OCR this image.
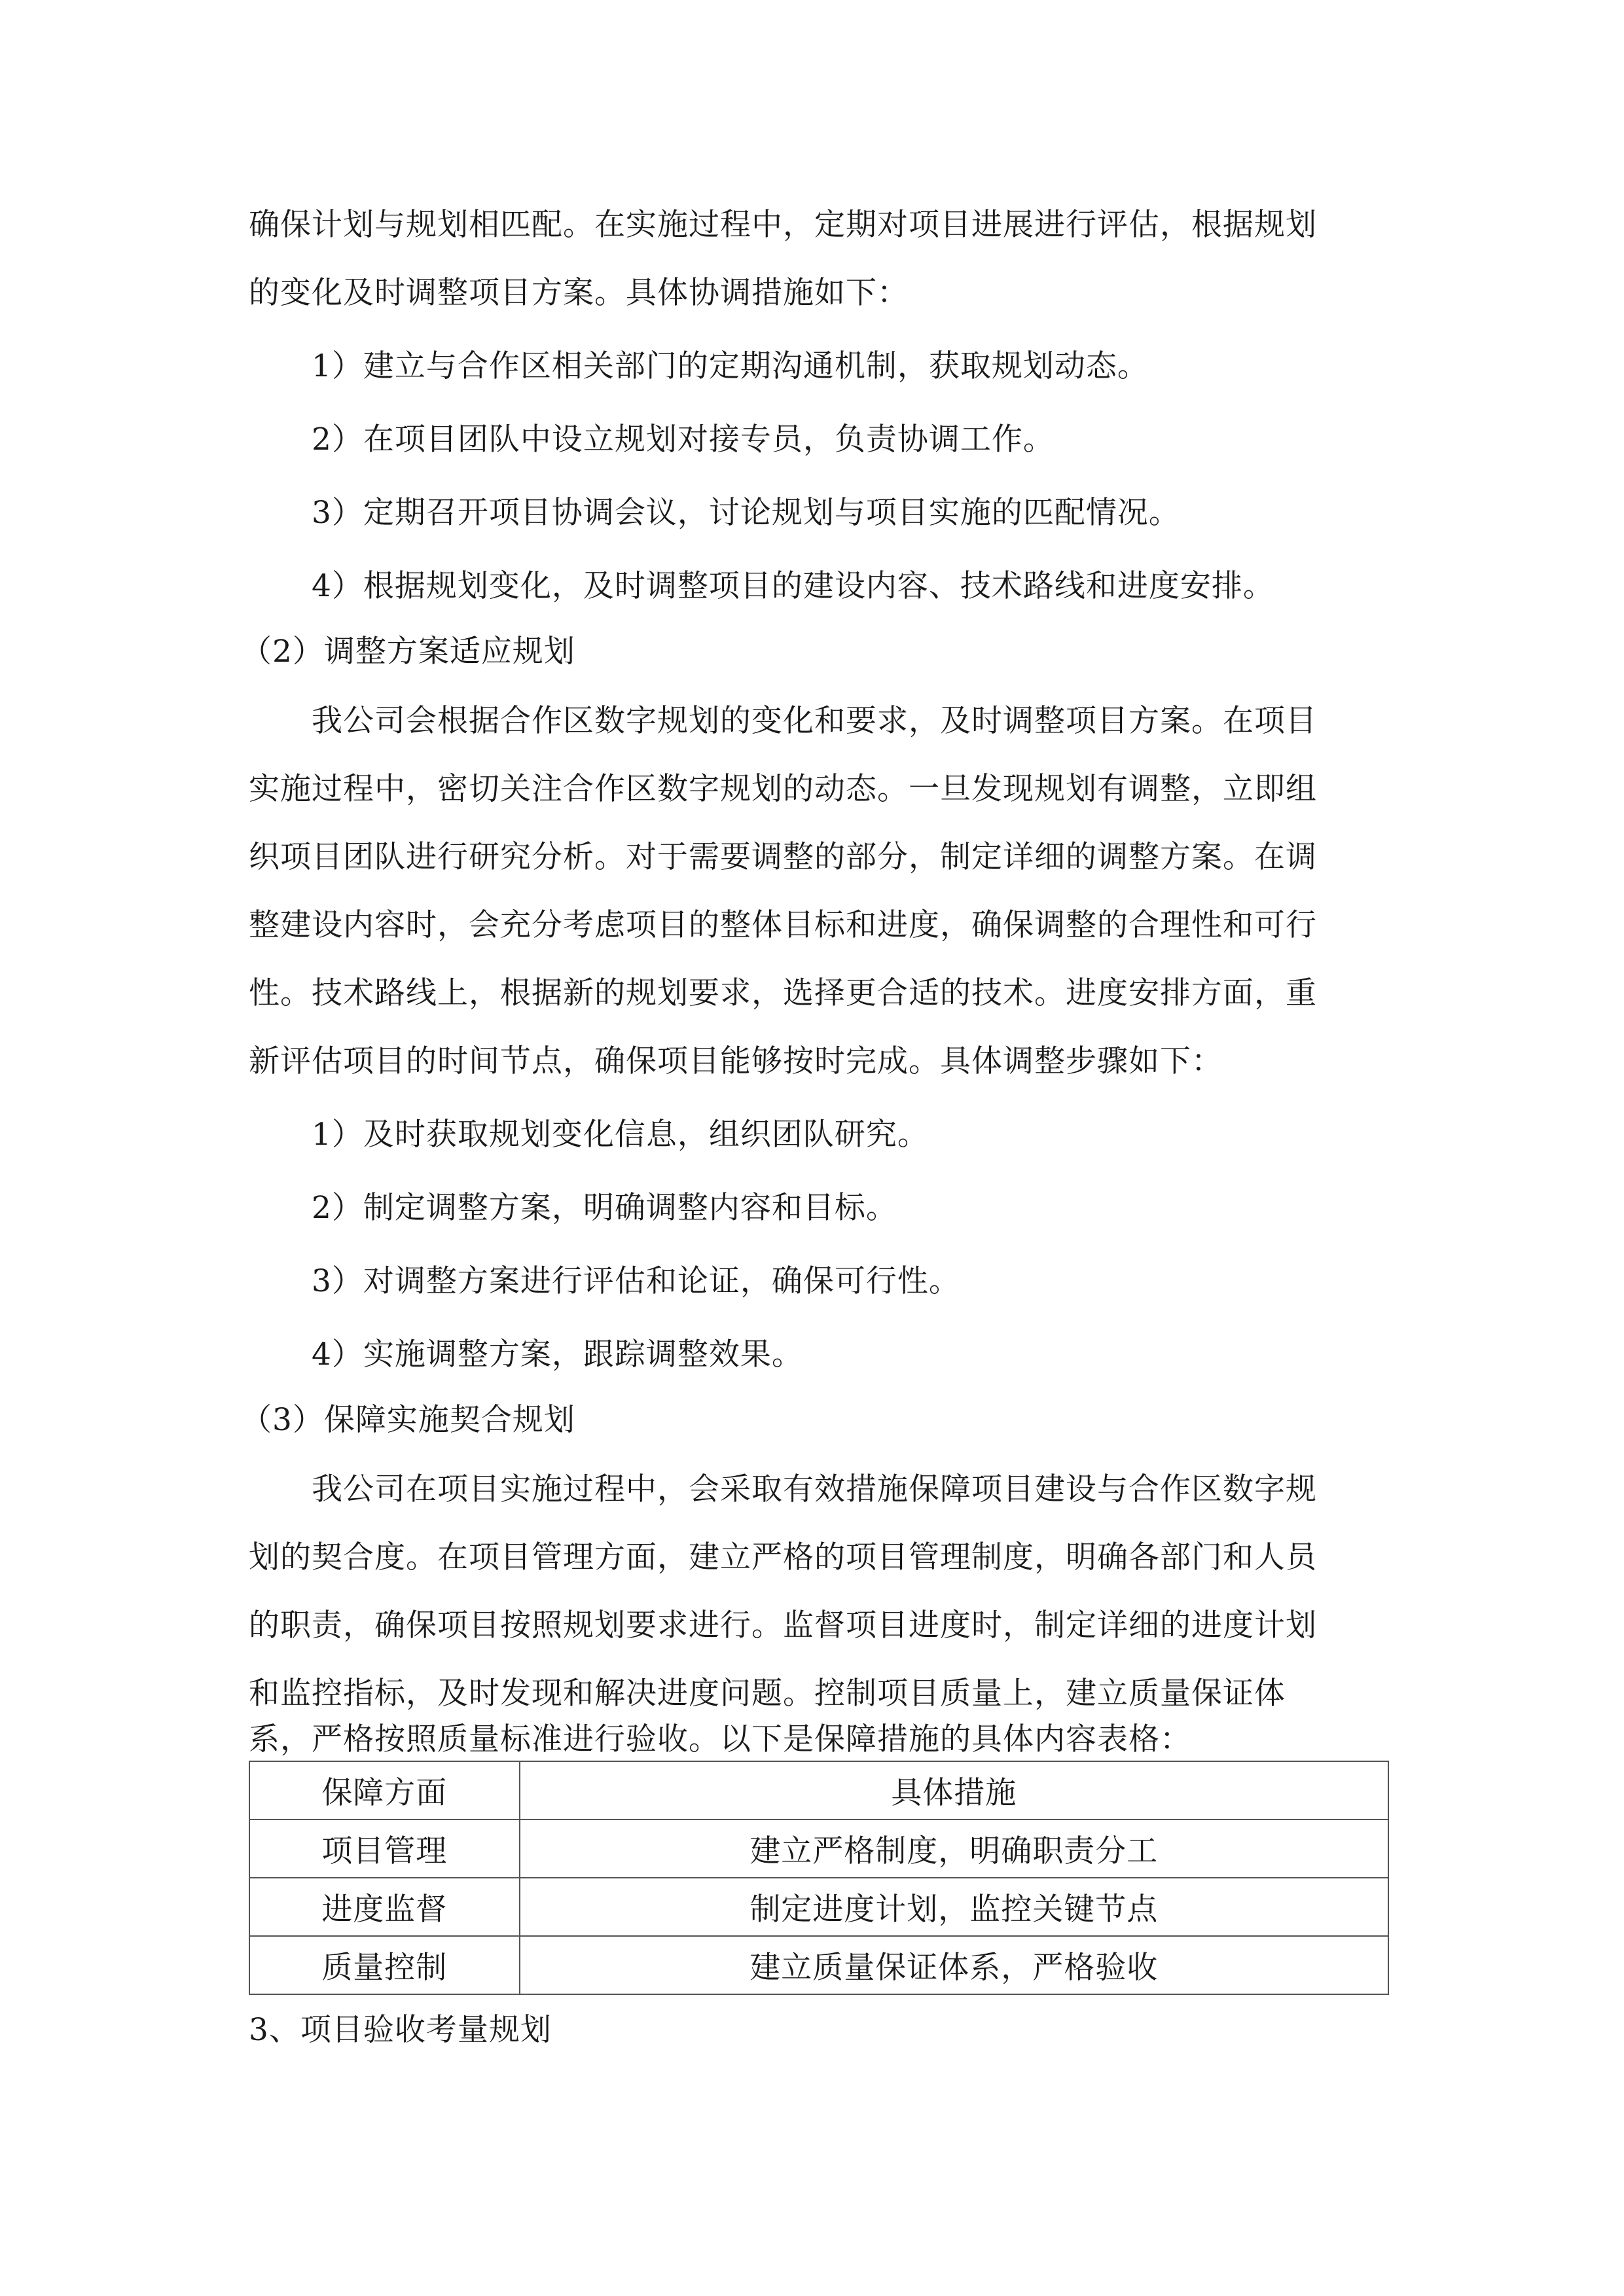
确保计划与规划相匹配。在实施过程中，定期对项目进展进行评估，根据规划
的变化及时调整项目方案。具体协调措施如下：
1）建立与合作区相关部门的定期沟通机制，获取规划动态。
2）在项目团队中设立规划对接专员，负责协调工作。
3）定期召开项目协调会议，讨论规划与项目实施的匹配情况。
4）根据规划变化，及时调整项目的建设内容、技术路线和进度安排。
（2）调整方案适应规划
我公司会根据合作区数字规划的变化和要求，及时调整项目方案。在项目
实施过程中，密切关注合作区数字规划的动态。一旦发现规划有调整，立即组
织项目团队进行研究分析。对于需要调整的部分，制定详细的调整方案。在调
整建设内容时，会充分考虑项目的整体目标和进度，确保调整的合理性和可行
性。技术路线上，根据新的规划要求，选择更合适的技术。进度安排方面，重
新评估项目的时间节点，确保项目能够按时完成。具体调整步骤如下：
1）及时获取规划变化信息，组织团队研究。
2）制定调整方案，明确调整内容和目标。
3）对调整方案进行评估和论证，确保可行性。
4）实施调整方案，跟踪调整效果。
（3）保障实施契合规划
我公司在项目实施过程中，会采取有效措施保障项目建设与合作区数字规
划的契合度。在项目管理方面，建立严格的项目管理制度，明确各部门和人员
的职责，确保项目按照规划要求进行。监督项目进度时，制定详细的进度计划
和监控指标，及时发现和解决进度问题。控制项目质量上，建立质量保证体
系，严格按照质量标准进行验收。以下是保障措施的具体内容表格：
保障方面	具体措施
项目管理	建立严格制度，明确职责分工
进度监督	制定进度计划，监控关键节点
质量控制	建立质量保证体系，严格验收
3、项目验收考量规划
